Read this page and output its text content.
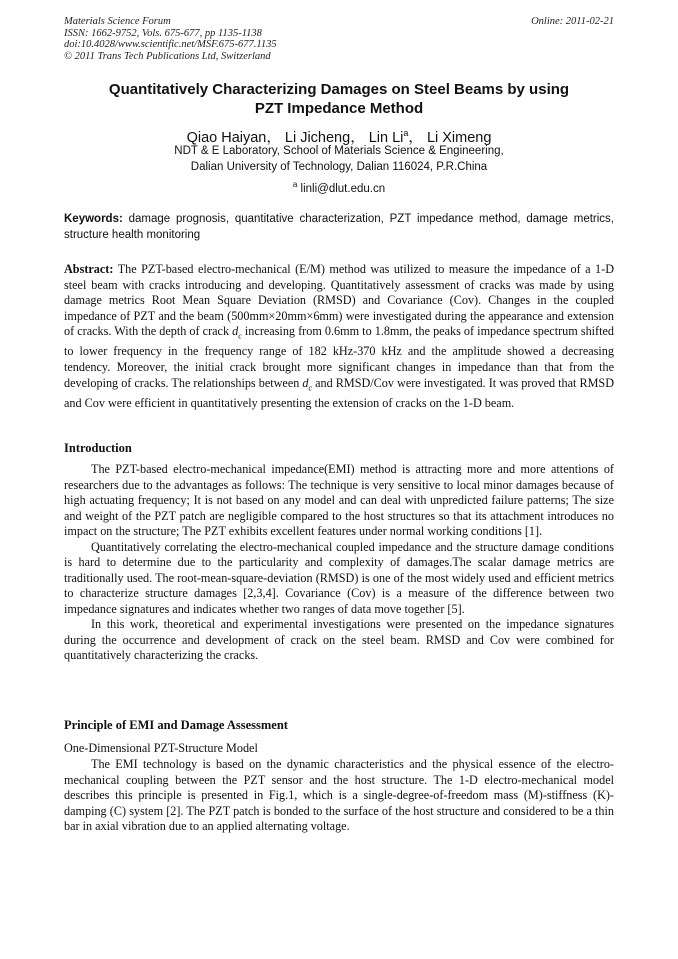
Materials Science Forum
ISSN: 1662-9752, Vols. 675-677, pp 1135-1138
doi:10.4028/www.scientific.net/MSF.675-677.1135
© 2011 Trans Tech Publications Ltd, Switzerland
Online: 2011-02-21
Quantitatively Characterizing Damages on Steel Beams by using
PZT Impedance Method
Qiao Haiyan， Li Jicheng， Lin Li$^a$， Li Ximeng
NDT & E Laboratory, School of Materials Science & Engineering,
Dalian University of Technology, Dalian 116024, P.R.China
$^a$ linli@dlut.edu.cn
Keywords: damage prognosis, quantitative characterization, PZT impedance method, damage metrics, structure health monitoring
Abstract: The PZT-based electro-mechanical (E/M) method was utilized to measure the impedance of a 1-D steel beam with cracks introducing and developing. Quantitatively assessment of cracks was made by using damage metrics Root Mean Square Deviation (RMSD) and Covariance (Cov). Changes in the coupled impedance of PZT and the beam (500mm×20mm×6mm) were investigated during the appearance and extension of cracks. With the depth of crack $d_c$ increasing from 0.6mm to 1.8mm, the peaks of impedance spectrum shifted to lower frequency in the frequency range of 182 kHz-370 kHz and the amplitude showed a decreasing tendency. Moreover, the initial crack brought more significant changes in impedance than that from the developing of cracks. The relationships between $d_c$ and RMSD/Cov were investigated. It was proved that RMSD and Cov were efficient in quantitatively presenting the extension of cracks on the 1-D beam.
Introduction

The PZT-based electro-mechanical impedance(EMI) method is attracting more and more attentions of researchers due to the advantages as follows: The technique is very sensitive to local minor damages because of high actuating frequency; It is not based on any model and can deal with unpredicted failure patterns; The size and weight of the PZT patch are negligible compared to the host structures so that its attachment introduces no impact on the structure; The PZT exhibits excellent features under normal working conditions [1].

Quantitatively correlating the electro-mechanical coupled impedance and the structure damage conditions is hard to determine due to the particularity and complexity of damages.The scalar damage metrics are traditionally used. The root-mean-square-deviation (RMSD) is one of the most widely used and efficient metrics to characterize structure damages [2,3,4]. Covariance (Cov) is a measure of the difference between two impedance signatures and indicates whether two ranges of data move together [5].

In this work, theoretical and experimental investigations were presented on the impedance signatures during the occurrence and development of crack on the steel beam. RMSD and Cov were combined for quantitatively characterizing the cracks.

Principle of EMI and Damage Assessment
One-Dimensional PZT-Structure Model

The EMI technology is based on the dynamic characteristics and the physical essence of the electro-mechanical coupling between the PZT sensor and the host structure. The 1-D electro-mechanical model describes this principle is presented in Fig.1, which is a single-degree-of-freedom mass (M)-stiffness (K)-damping (C) system [2]. The PZT patch is bonded to the surface of the host structure and considered to be a thin bar in axial vibration due to an applied alternating voltage.
